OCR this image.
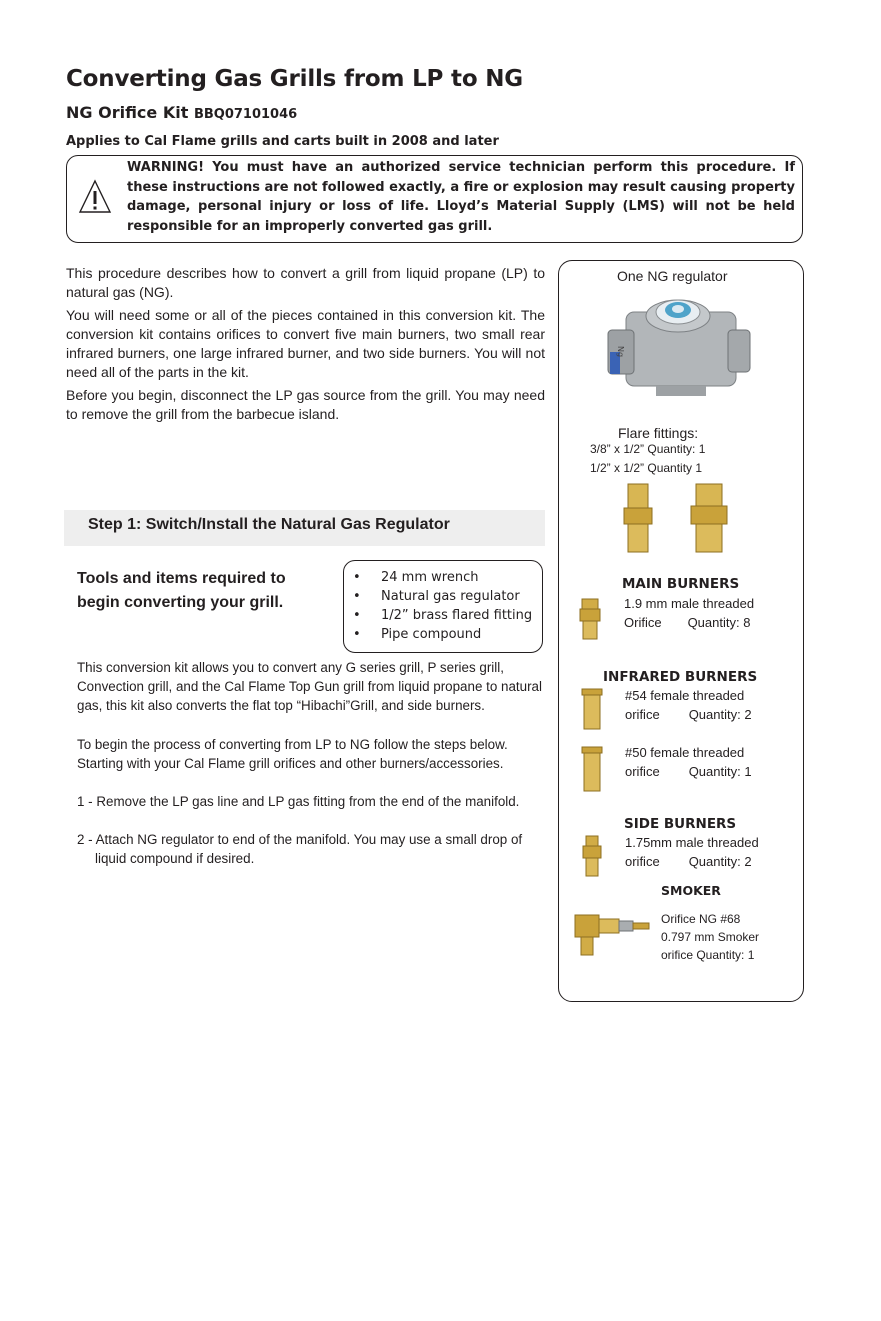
Converting Gas Grills from LP to NG
NG Orifice Kit BBQ07101046
Applies to Cal Flame grills and carts built in 2008 and later
WARNING! You must have an authorized service technician perform this procedure. If these instructions are not followed exactly, a fire or explosion may result causing property damage, personal injury or loss of life. Lloyd’s Material Supply (LMS) will not be held responsible for an improperly converted gas grill.

This procedure describes how to convert a grill from liquid propane (LP) to natural gas (NG).

You will need some or all of the pieces contained in this conversion kit. The conversion kit contains orifices to convert five main burners, two small rear infrared burners, one large infrared burner, and two side burners. You will not need all of the parts in the kit.

Before you begin, disconnect the LP gas source from the grill. You may need to remove the grill from the barbecue island.

Step 1: Switch/Install the Natural Gas Regulator
Tools and items required to begin converting your grill.
• 24 mm wrench
• Natural gas regulator
• 1/2” brass flared fitting
• Pipe compound

This conversion kit allows you to convert any G series grill, P series grill, Convection grill, and the Cal Flame Top Gun grill from liquid propane to natural gas, this kit also converts the flat top “Hibachi”Grill, and side burners.

To begin the process of converting from LP to NG follow the steps below. Starting with your Cal Flame grill orifices and other burners/accessories.

1 - Remove the LP gas line and LP gas fitting from the end of the manifold.

2 - Attach NG regulator to end of the manifold. You may use a small drop of liquid compound if desired.

One NG regulator
Ng
Flare fittings:
3/8” x 1/2” Quantity: 1
1/2” x 1/2” Quantity 1
MAIN BURNERS
1.9 mm male threaded
Orifice Quantity: 8
INFRARED BURNERS
#54 female threaded
orifice Quantity: 2
#50 female threaded
orifice Quantity: 1
SIDE BURNERS
1.75mm male threaded
orifice Quantity: 2
SMOKER
Orifice NG #68
0.797 mm Smoker
orifice Quantity: 1
